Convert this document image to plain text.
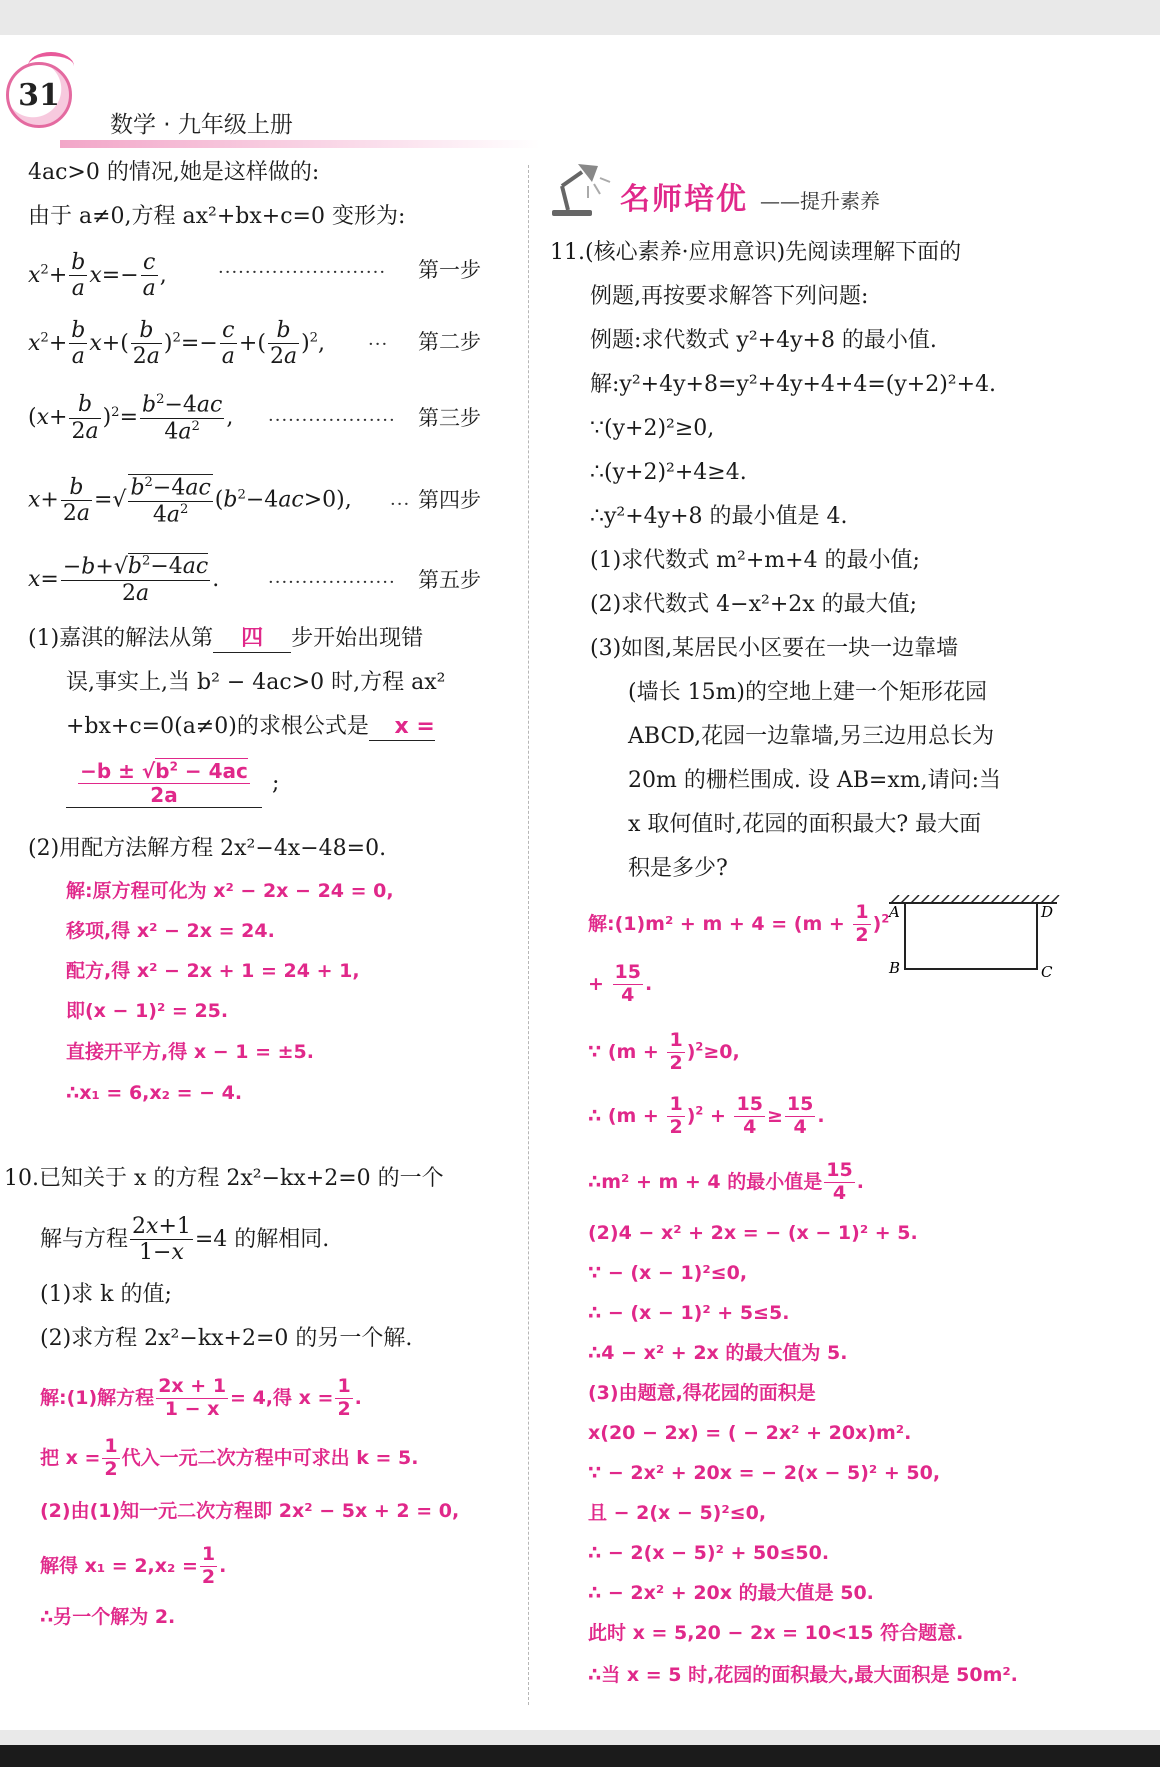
31
数学 · 九年级上册
4ac>0 的情况,她是这样做的:
由于 a≠0,方程 ax²+bx+c=0 变形为:
$x^2+ \frac{b}{a} x=- \frac{c}{a}$ ,	························· 第一步
$x^2+ \frac{b}{a} x+( \frac{b}{2a} )^2=- \frac{c}{a}$ +( $\frac{b}{2a} )^2$, ··· 第二步
$(x+ \frac{b}{2a} )^2= \frac{b^2-4ac}{4a^2}$ , ··················· 第三步
$x+ \frac{b}{2a}$ =√ $\frac{b^2-4ac}{4a^2} (b^2-4ac>0)$, ··· 第四步
$x= \frac{-b+√b^2-4ac}{2a}$ .	··················· 第五步
(1)嘉淇的解法从第 四 步开始出现错
误,事实上,当 b² − 4ac>0 时,方程 ax²
+bx+c=0(a≠0)的求根公式是 x =
$\frac{-b \pm √b^2 - 4ac}{2a}$ ;
(2)用配方法解方程 2x²−4x−48=0.
解:原方程可化为 x² − 2x − 24 = 0,
移项,得 x² − 2x = 24.
配方,得 x² − 2x + 1 = 24 + 1,
即(x − 1)² = 25.
直接开平方,得 x − 1 = ±5.
∴x₁ = 6,x₂ = − 4.
10.已知关于 x 的方程 2x²−kx+2=0 的一个
解与方程 $\frac{2x+1}{1-x} =4$ 的解相同.
(1)求 k 的值;
(2)求方程 2x²−kx+2=0 的另一个解.
解:(1)解方程 $\frac{2x + 1}{1 - x} = 4$,得 $x = \frac{1}{2}$ .
把 $x = \frac{1}{2}$ 代入一元二次方程中可求出 k = 5.
(2)由(1)知一元二次方程即 2x² − 5x + 2 = 0,
解得 $x_1 = 2,x_2 = \frac{1}{2}$ .
∴另一个解为 2.
名师培优 ——提升素养
11.(核心素养·应用意识)先阅读理解下面的
例题,再按要求解答下列问题:
例题:求代数式 y²+4y+8 的最小值.
解:y²+4y+8=y²+4y+4+4=(y+2)²+4.
∵(y+2)²≥0,
∴(y+2)²+4≥4.
∴y²+4y+8 的最小值是 4.
(1)求代数式 m²+m+4 的最小值;
(2)求代数式 4−x²+2x 的最大值;
(3)如图,某居民小区要在一块一边靠墙
(墙长 15m)的空地上建一个矩形花园
ABCD,花园一边靠墙,另三边用总长为
20m 的栅栏围成. 设 AB=xm,请问:当
x 取何值时,花园的面积最大? 最大面
积是多少?
A	D
B	C
解:(1)m² + $m + 4 = (m + \frac{1}{2} )^2$
+ $\frac{15}{4}$ .
∵ $(m + \frac{1}{2} )^2\ge 0$,
∴ $(m + \frac{1}{2} )^2 + \frac{15}{4} \ge \frac{15}{4}$ .
∴m² + m + 4 的最小值是 $\frac{15}{4}$ .
(2)4 − x² + 2x = − (x − 1)² + 5.
∵ − (x − 1)²≤0,
∴ − (x − 1)² + 5≤5.
∴4 − x² + 2x 的最大值为 5.
(3)由题意,得花园的面积是
x(20 − 2x) = ( − 2x² + 20x)m².
∵ − 2x² + 20x = − 2(x − 5)² + 50,
且 − 2(x − 5)²≤0,
∴ − 2(x − 5)² + 50≤50.
∴ − 2x² + 20x 的最大值是 50.
此时 x = 5,20 − 2x = 10<15 符合题意.
∴当 x = 5 时,花园的面积最大,最大面积是 50m².
